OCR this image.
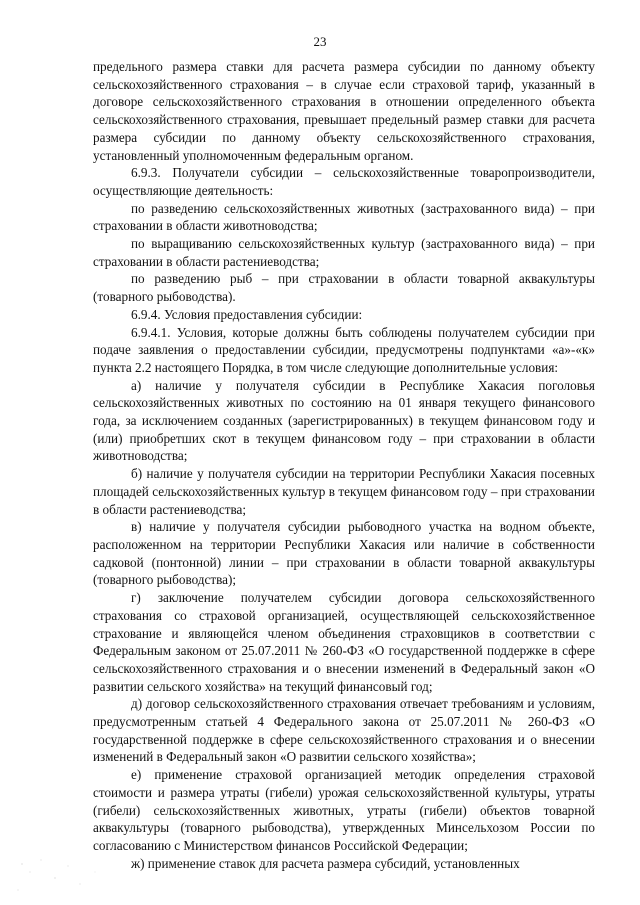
23

предельного размера ставки для расчета размера субсидии по данному объекту сельскохозяйственного страхования – в случае если страховой тариф, указанный в договоре сельскохозяйственного страхования в отношении определенного объекта сельскохозяйственного страхования, превышает предельный размер ставки для расчета размера субсидии по данному объекту сельскохозяйственного страхования, установленный уполномоченным федеральным органом.

6.9.3. Получатели субсидии – сельскохозяйственные товаропроизводители, осуществляющие деятельность:

по разведению сельскохозяйственных животных (застрахованного вида) – при страховании в области животноводства;

по выращиванию сельскохозяйственных культур (застрахованного вида) – при страховании в области растениеводства;

по разведению рыб – при страховании в области товарной аквакультуры (товарного рыбоводства).

6.9.4. Условия предоставления субсидии:

6.9.4.1. Условия, которые должны быть соблюдены получателем субсидии при подаче заявления о предоставлении субсидии, предусмотрены подпунктами «а»-«к» пункта 2.2 настоящего Порядка, в том числе следующие дополнительные условия:

а) наличие у получателя субсидии в Республике Хакасия поголовья сельскохозяйственных животных по состоянию на 01 января текущего финансового года, за исключением созданных (зарегистрированных) в текущем финансовом году и (или) приобретших скот в текущем финансовом году – при страховании в области животноводства;

б) наличие у получателя субсидии на территории Республики Хакасия посевных площадей сельскохозяйственных культур в текущем финансовом году – при страховании в области растениеводства;

в) наличие у получателя субсидии рыбоводного участка на водном объекте, расположенном на территории Республики Хакасия или наличие в собственности садковой (понтонной) линии – при страховании в области товарной аквакультуры (товарного рыбоводства);

г) заключение получателем субсидии договора сельскохозяйственного страхования со страховой организацией, осуществляющей сельскохозяйственное страхование и являющейся членом объединения страховщиков в соответствии с Федеральным законом от 25.07.2011 № 260-ФЗ «О государственной поддержке в сфере сельскохозяйственного страхования и о внесении изменений в Федеральный закон «О развитии сельского хозяйства» на текущий финансовый год;

д) договор сельскохозяйственного страхования отвечает требованиям и условиям, предусмотренным статьей 4 Федерального закона от 25.07.2011 № 260-ФЗ «О государственной поддержке в сфере сельскохозяйственного страхования и о внесении изменений в Федеральный закон «О развитии сельского хозяйства»;

е) применение страховой организацией методик определения страховой стоимости и размера утраты (гибели) урожая сельскохозяйственной культуры, утраты (гибели) сельскохозяйственных животных, утраты (гибели) объектов товарной аквакультуры (товарного рыбоводства), утвержденных Минсельхозом России по согласованию с Министерством финансов Российской Федерации;

ж) применение ставок для расчета размера субсидий, установленных
